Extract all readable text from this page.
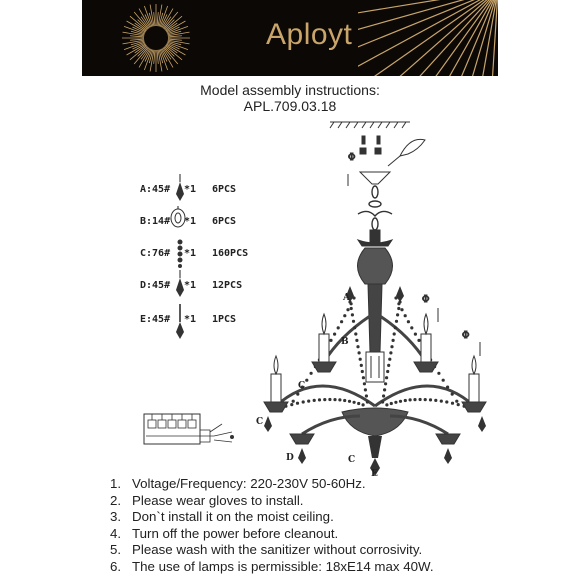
Aployt
Model assembly instructions:
APL.709.03.18
A:45#	*1 6PCS
B:14#	*1 6PCS
C:76#	*1 160PCS
D:45#	*1 12PCS
E:45#	*1 1PCS
Φ
Φ
Φ
A
B
C
C
C
D
E
1. Voltage/Frequency: 220-230V 50-60Hz.
2. Please wear gloves to install.
3. Don`t install it on the moist ceiling.
4. Turn off the power before cleanout.
5. Please wash with the sanitizer without corrosivity.
6. The use of lamps is permissible: 18xE14 max 40W.
